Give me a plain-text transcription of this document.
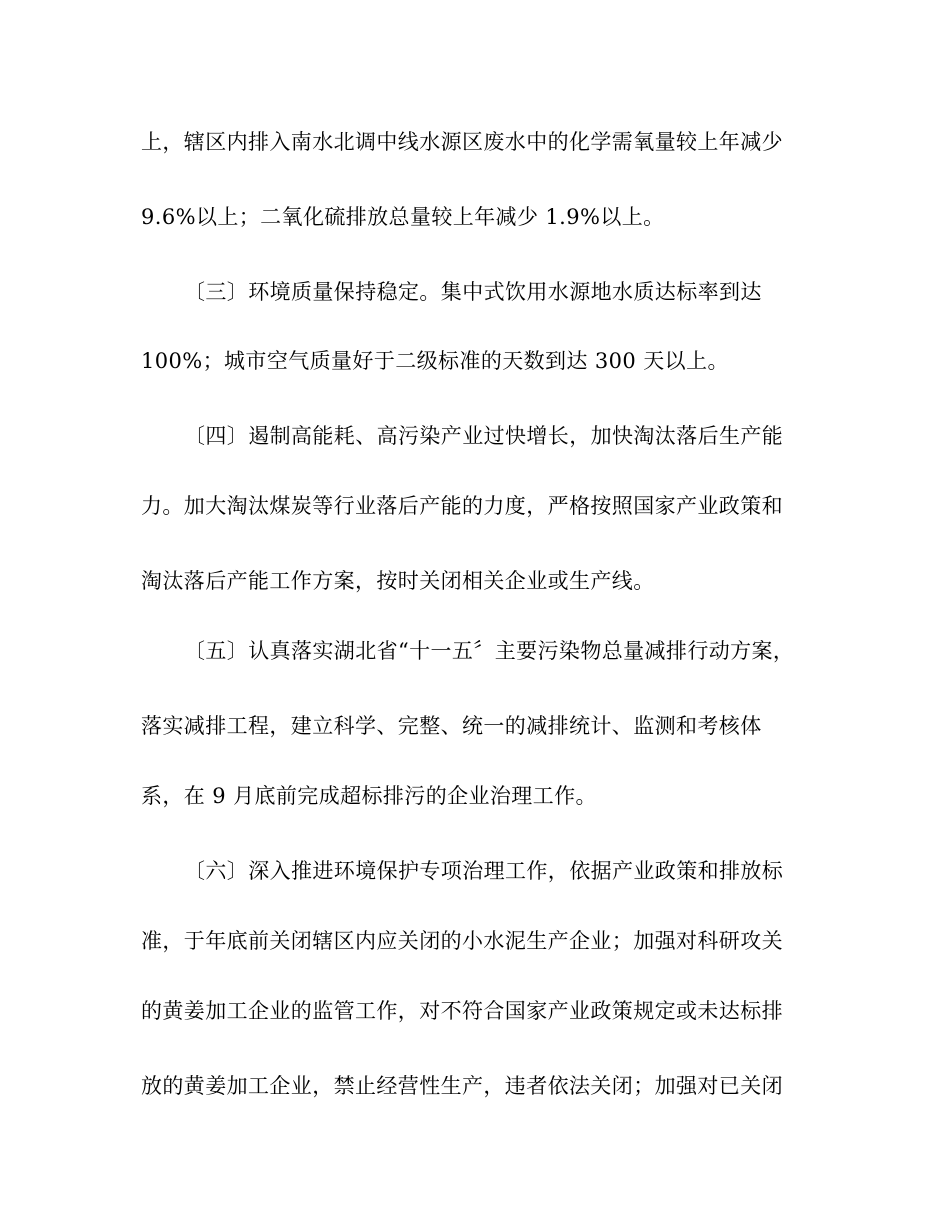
上，辖区内排入南水北调中线水源区废水中的化学需氧量较上年减少
9.6%以上；二氧化硫排放总量较上年减少 1.9%以上。
〔三〕环境质量保持稳定。集中式饮用水源地水质达标率到达
100%；城市空气质量好于二级标准的天数到达 300 天以上。
〔四〕遏制高能耗、高污染产业过快增长，加快淘汰落后生产能
力。加大淘汰煤炭等行业落后产能的力度，严格按照国家产业政策和
淘汰落后产能工作方案，按时关闭相关企业或生产线。
〔五〕认真落实湖北省“十一五〞主要污染物总量减排行动方案，
落实减排工程，建立科学、完整、统一的减排统计、监测和考核体
系，在 9 月底前完成超标排污的企业治理工作。
〔六〕深入推进环境保护专项治理工作，依据产业政策和排放标
准，于年底前关闭辖区内应关闭的小水泥生产企业；加强对科研攻关
的黄姜加工企业的监管工作，对不符合国家产业政策规定或未达标排
放的黄姜加工企业，禁止经营性生产，违者依法关闭；加强对已关闭
